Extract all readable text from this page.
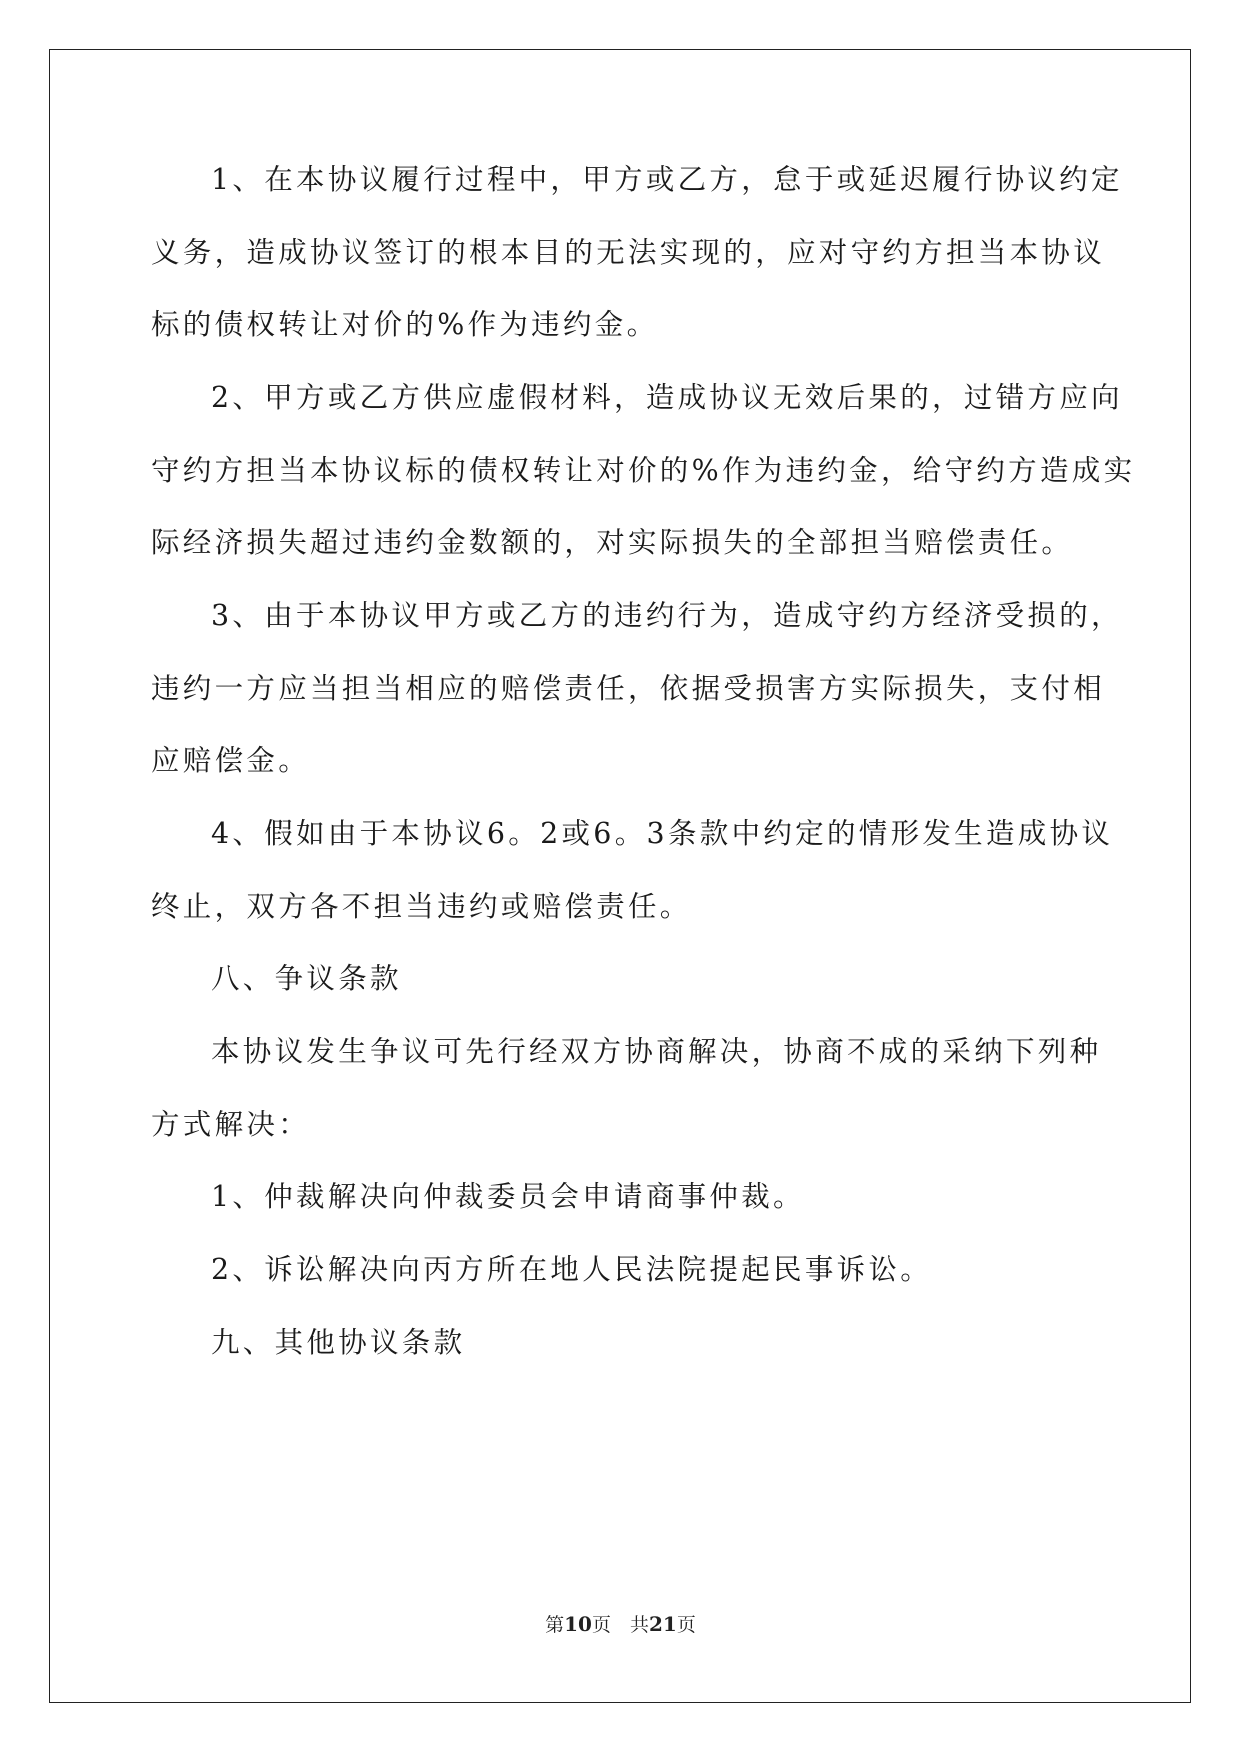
1、在本协议履行过程中，甲方或乙方，怠于或延迟履行协议约定
义务，造成协议签订的根本目的无法实现的，应对守约方担当本协议
标的债权转让对价的%作为违约金。
2、甲方或乙方供应虚假材料，造成协议无效后果的，过错方应向
守约方担当本协议标的债权转让对价的%作为违约金，给守约方造成实
际经济损失超过违约金数额的，对实际损失的全部担当赔偿责任。
3、由于本协议甲方或乙方的违约行为，造成守约方经济受损的，
违约一方应当担当相应的赔偿责任，依据受损害方实际损失，支付相
应赔偿金。
4、假如由于本协议6。2或6。3条款中约定的情形发生造成协议
终止，双方各不担当违约或赔偿责任。
八、争议条款
本协议发生争议可先行经双方协商解决，协商不成的采纳下列种
方式解决：
1、仲裁解决向仲裁委员会申请商事仲裁。
2、诉讼解决向丙方所在地人民法院提起民事诉讼。
九、其他协议条款
第10页　共21页
